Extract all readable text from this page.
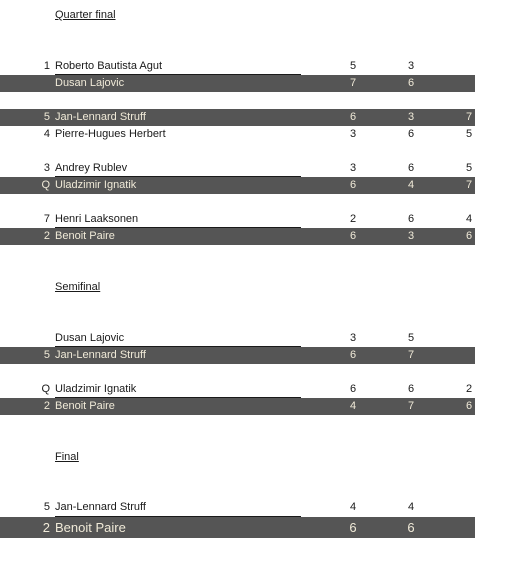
Quarter final
Semifinal
Final
1 Roberto Bautista Agut	5	3
Dusan Lajovic	7	6
5 Jan-Lennard Struff	6	3	7
4 Pierre-Hugues Herbert	3	6	5
3 Andrey Rublev	3	6	5
Q Uladzimir Ignatik	6	4	7
7 Henri Laaksonen	2	6	4
2 Benoit Paire	6	3	6
Dusan Lajovic	3	5
5 Jan-Lennard Struff	6	7
Q Uladzimir Ignatik	6	6	2
2 Benoit Paire	4	7	6
5 Jan-Lennard Struff	4	4
2 Benoit Paire	6	6
